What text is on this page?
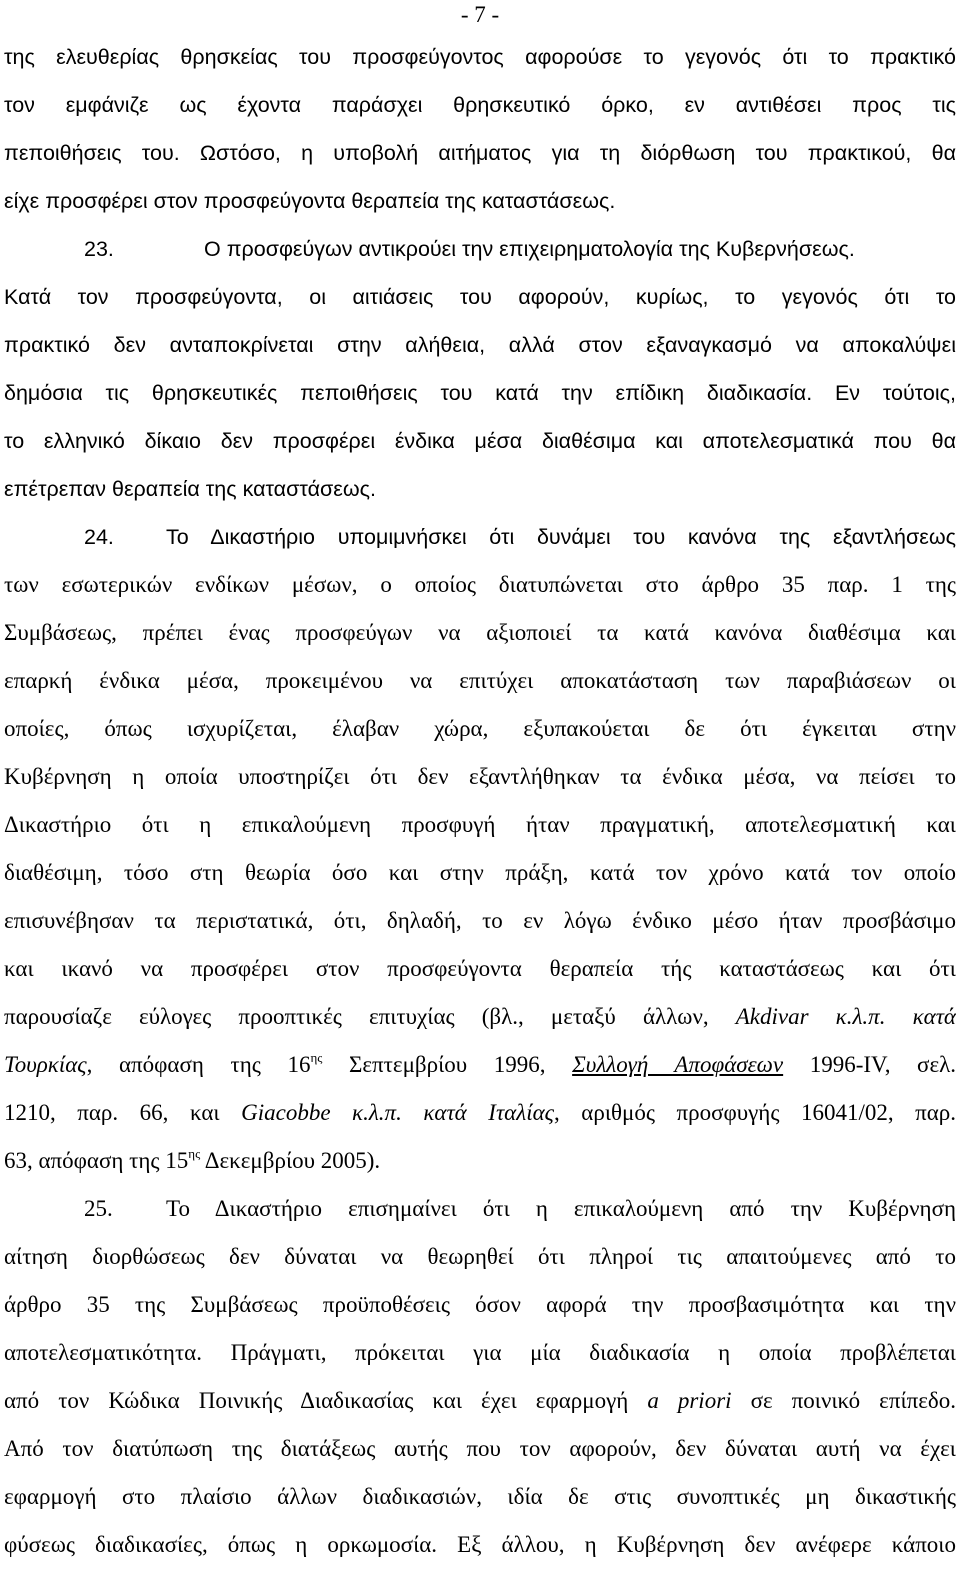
- 7 -
της ελευθερίας θρησκείας του προσφεύγοντος αφορούσε το γεγονός ότι το πρακτικό
τον εμφάνιζε ως έχοντα παράσχει θρησκευτικό όρκο, εν αντιθέσει προς τις
πεποιθήσεις του. Ωστόσο, η υποβολή αιτήματος για τη διόρθωση του πρακτικού, θα
είχε προσφέρει στον προσφεύγοντα θεραπεία της καταστάσεως.
23.	Ο προσφεύγων αντικρούει την επιχειρηματολογία της Κυβερνήσεως.
Κατά τον προσφεύγοντα, οι αιτιάσεις του αφορούν, κυρίως, το γεγονός ότι το
πρακτικό δεν ανταποκρίνεται στην αλήθεια, αλλά στον εξαναγκασμό να αποκαλύψει
δημόσια τις θρησκευτικές πεποιθήσεις του κατά την επίδικη διαδικασία. Εν τούτοις,
το ελληνικό δίκαιο δεν προσφέρει ένδικα μέσα διαθέσιμα και αποτελεσματικά που θα
επέτρεπαν θεραπεία της καταστάσεως.
24. Το Δικαστήριο υπομιμνήσκει ότι δυνάμει του κανόνα της εξαντλήσεως
των εσωτερικών ενδίκων μέσων, ο οποίος διατυπώνεται στο άρθρο 35 παρ. 1 της
Συμβάσεως, πρέπει ένας προσφεύγων να αξιοποιεί τα κατά κανόνα διαθέσιμα και
επαρκή ένδικα μέσα, προκειμένου να επιτύχει αποκατάσταση των παραβιάσεων οι
οποίες, όπως ισχυρίζεται, έλαβαν χώρα, εξυπακούεται δε ότι έγκειται στην
Κυβέρνηση η οποία υποστηρίζει ότι δεν εξαντλήθηκαν τα ένδικα μέσα, να πείσει το
Δικαστήριο ότι η επικαλούμενη προσφυγή ήταν πραγματική, αποτελεσματική και
διαθέσιμη, τόσο στη θεωρία όσο και στην πράξη, κατά τον χρόνο κατά τον οποίο
επισυνέβησαν τα περιστατικά, ότι, δηλαδή, το εν λόγω ένδικο μέσο ήταν προσβάσιμο
και ικανό να προσφέρει στον προσφεύγοντα θεραπεία τής καταστάσεως και ότι
παρουσίαζε εύλογες προοπτικές επιτυχίας (βλ., μεταξύ άλλων, Akdivar κ.λ.π. κατά
Τουρκίας, απόφαση της $16^{\eta\varsigma}$ Σεπτεμβρίου 1996, Συλλογή Αποφάσεων 1996-IV, σελ.
1210, παρ. 66, και Giacobbe κ.λ.π. κατά Ιταλίας, αριθμός προσφυγής 16041/02, παρ.
63, απόφαση της $15^{\eta\varsigma}$ Δεκεμβρίου 2005).
25. Το Δικαστήριο επισημαίνει ότι η επικαλούμενη από την Κυβέρνηση
αίτηση διορθώσεως δεν δύναται να θεωρηθεί ότι πληροί τις απαιτούμενες από το
άρθρο 35 της Συμβάσεως προϋποθέσεις όσον αφορά την προσβασιμότητα και την
αποτελεσματικότητα. Πράγματι, πρόκειται για μία διαδικασία η οποία προβλέπεται
από τον Κώδικα Ποινικής Διαδικασίας και έχει εφαρμογή a priori σε ποινικό επίπεδο.
Από τον διατύπωση της διατάξεως αυτής που τον αφορούν, δεν δύναται αυτή να έχει
εφαρμογή στο πλαίσιο άλλων διαδικασιών, ιδία δε στις συνοπτικές μη δικαστικής
φύσεως διαδικασίες, όπως η ορκωμοσία. Εξ άλλου, η Κυβέρνηση δεν ανέφερε κάποιο
